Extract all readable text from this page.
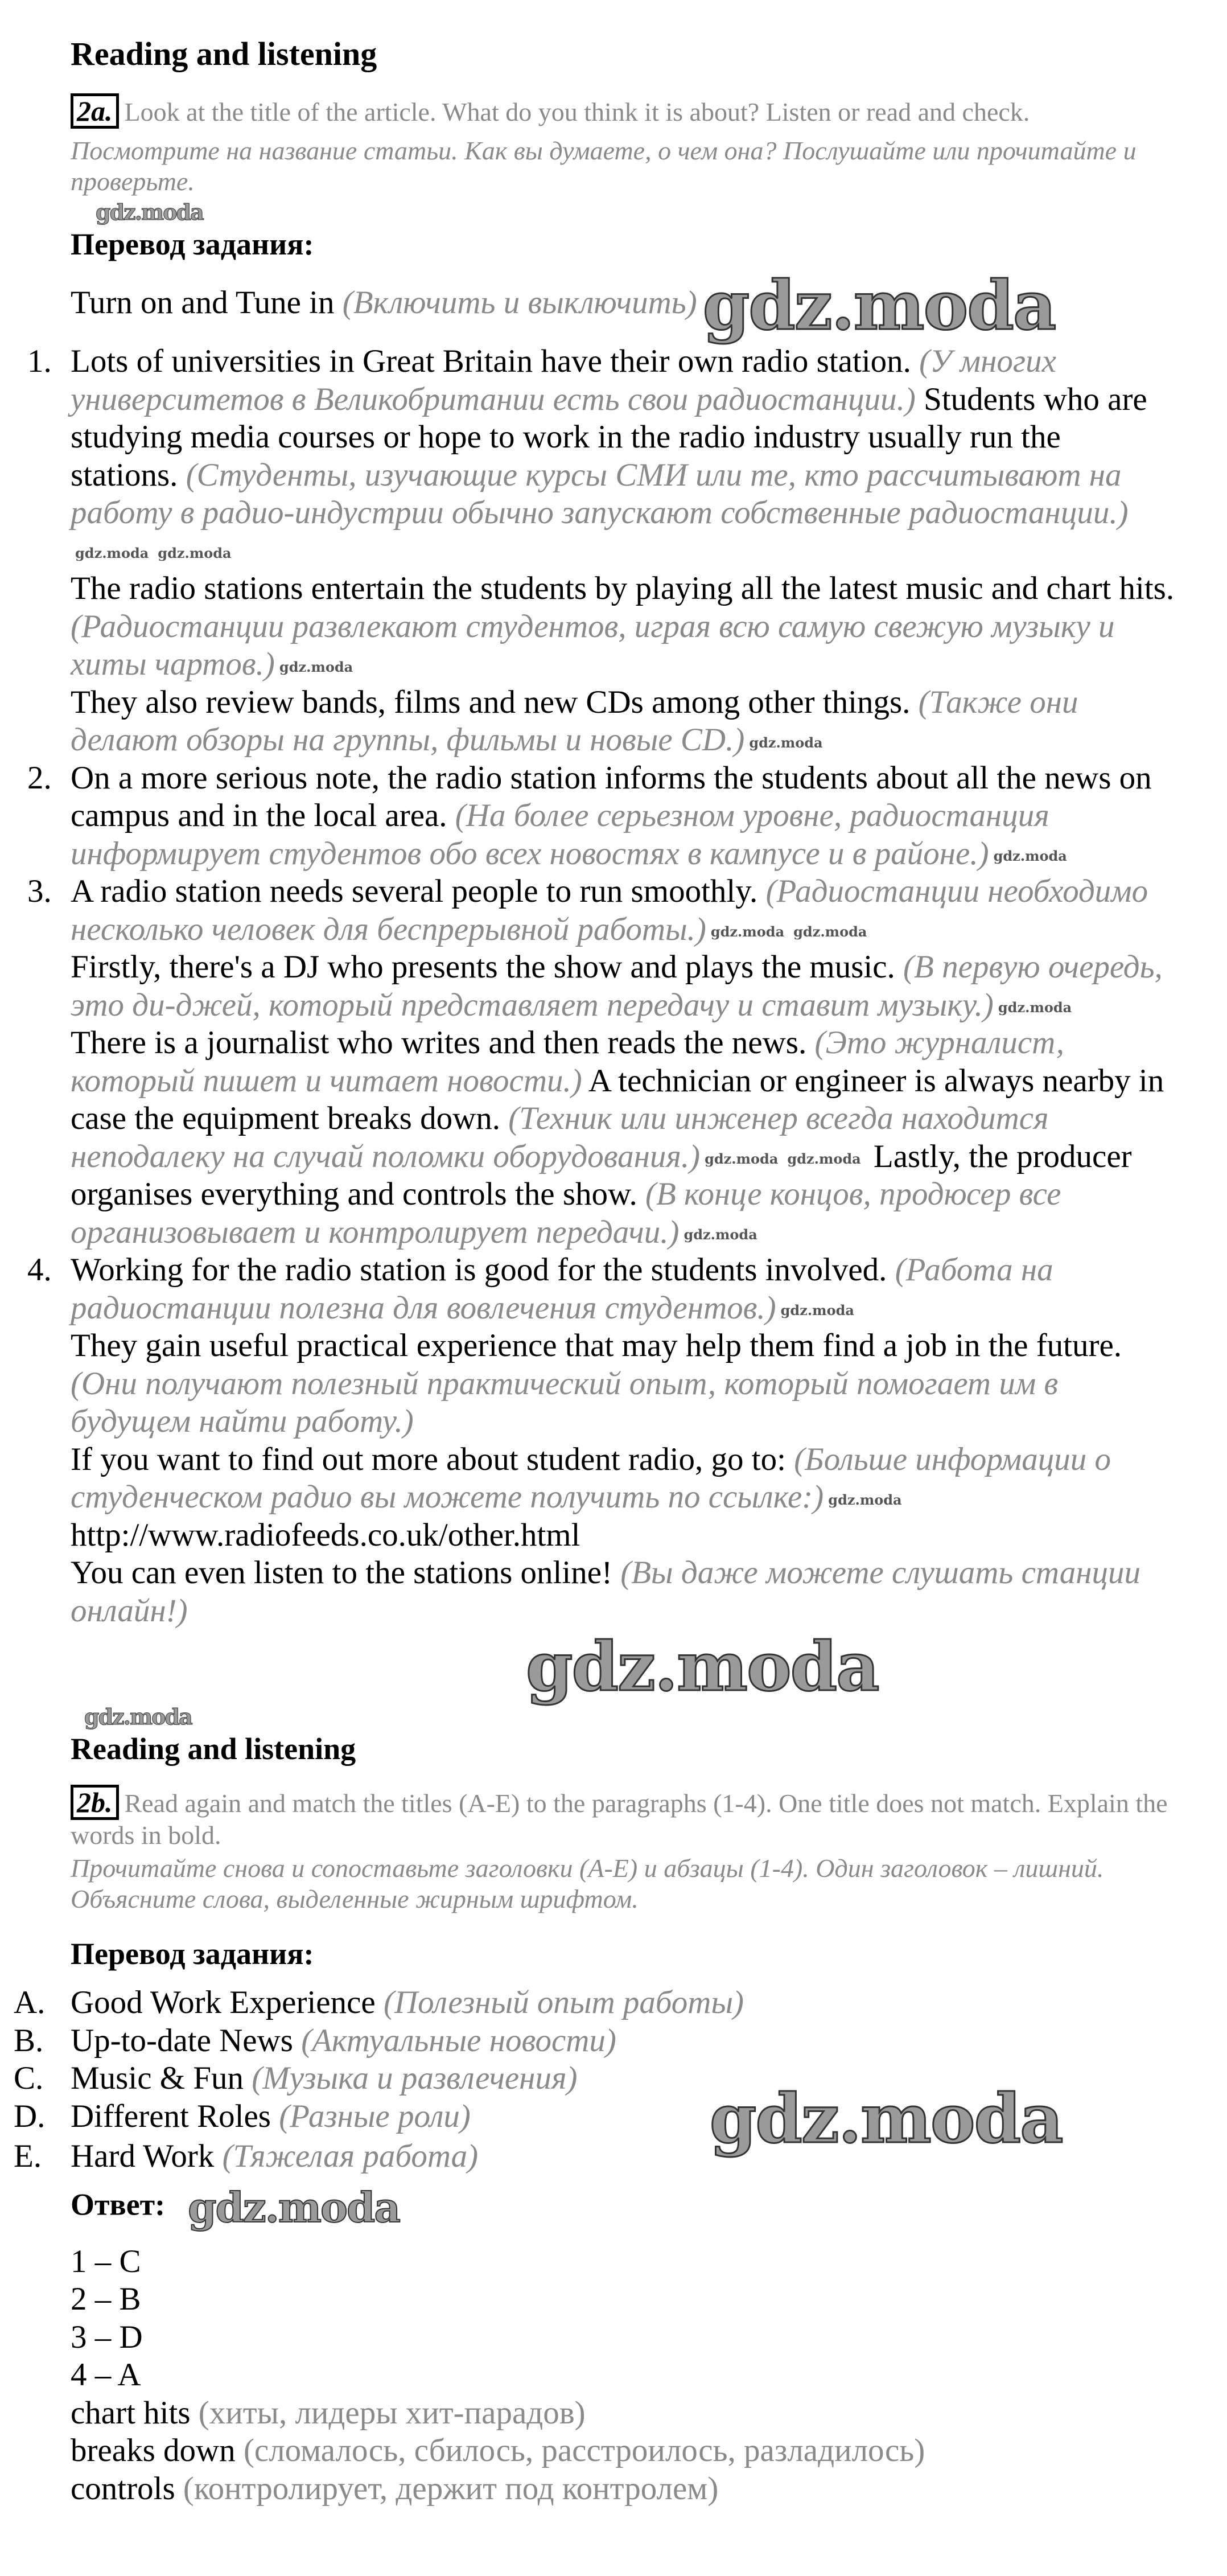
Reading and listening
2a. Look at the title of the article. What do you think it is about? Listen or read and check.
Посмотрите на название статьи. Как вы думаете, о чем она? Послушайте или прочитайте и проверьте.
gdz.moda
Перевод задания:
Turn on and Tune in (Включить и выключить)gdz.moda
1. Lots of universities in Great Britain have their own radio station. (У многих университетов в Великобритании есть свои радиостанции.) Students who are studying media courses or hope to work in the radio industry usually run the stations. (Студенты, изучающие курсы СМИ или те, кто рассчитывают на работу в радио-индустрии обычно запускают собственные радиостанции.)gdz.moda gdz.moda
The radio stations entertain the students by playing all the latest music and chart hits. (Радиостанции развлекают студентов, играя всю самую свежую музыку и хиты чартов.) gdz.moda
They also review bands, films and new CDs among other things. (Также они делают обзоры на группы, фильмы и новые CD.) gdz.moda
2. On a more serious note, the radio station informs the students about all the news on campus and in the local area. (На более серьезном уровне, радиостанция информирует студентов обо всех новостях в кампусе и в районе.) gdz.moda
3. A radio station needs several people to run smoothly. (Радиостанции необходимо несколько человек для беспрерывной работы.) gdz.moda gdz.moda
Firstly, there's a DJ who presents the show and plays the music. (В первую очередь, это ди-джей, который представляет передачу и ставит музыку.) gdz.moda
There is a journalist who writes and then reads the news. (Это журналист, который пишет и читает новости.) A technician or engineer is always nearby in case the equipment breaks down. (Техник или инженер всегда находится неподалеку на случай поломки оборудования.) gdz.moda gdz.moda Lastly, the producer organises everything and controls the show. (В конце концов, продюсер все организовывает и контролирует передачи.) gdz.moda
4. Working for the radio station is good for the students involved. (Работа на радиостанции полезна для вовлечения студентов.) gdz.moda
They gain useful practical experience that may help them find a job in the future. (Они получают полезный практический опыт, который помогает им в будущем найти работу.)
If you want to find out more about student radio, go to: (Больше информации о студенческом радио вы можете получить по ссылке:) gdz.moda
http://www.radiofeeds.co.uk/other.html
You can even listen to the stations online! (Вы даже можете слушать станции онлайн!)
gdz.moda
gdz.moda
Reading and listening
2b. Read again and match the titles (A-E) to the paragraphs (1-4). One title does not match. Explain the words in bold.
Прочитайте снова и сопоставьте заголовки (А-Е) и абзацы (1-4). Один заголовок – лишний. Объясните слова, выделенные жирным шрифтом.
Перевод задания:
A. Good Work Experience (Полезный опыт работы)
B. Up-to-date News (Актуальные новости)
C. Music & Fun (Музыка и развлечения)
D. Different Roles (Разные роли)	gdz.moda
E. Hard Work (Тяжелая работа)
Ответ: gdz.moda
1 – C
2 – B
3 – D
4 – A
chart hits (хиты, лидеры хит-парадов)
breaks down (сломалось, сбилось, расстроилось, разладилось)
controls (контролирует, держит под контролем)
